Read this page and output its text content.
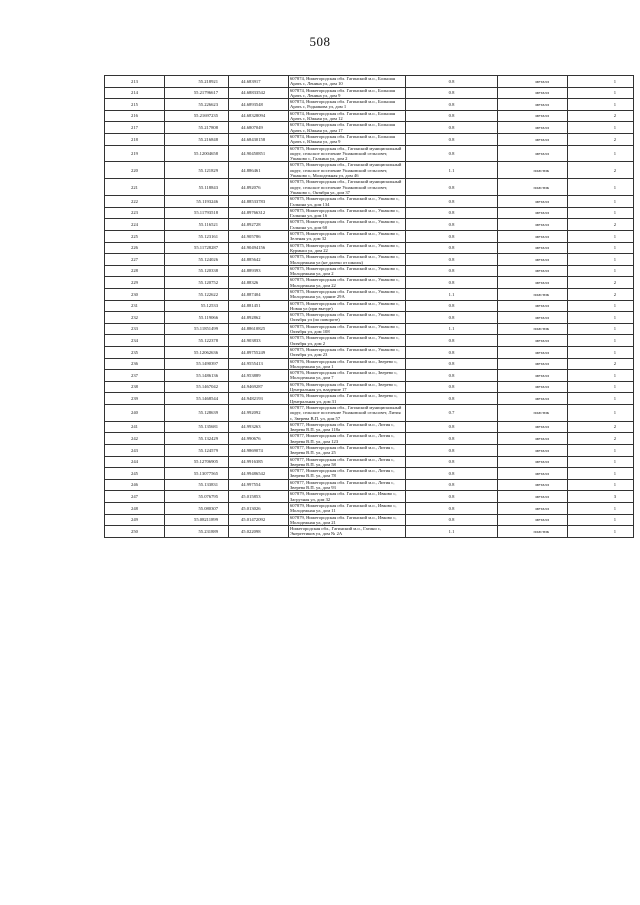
508
213	55.218921	44.683917	607874, Нижегородская обл. Гагинский м.о., Большая Арать с, Ленина ул, дом 10	0.8	металл	1
214	55.21796617	44.68833542	607874, Нижегородская обл. Гагинский м.о., Большая Арать с, Ленина ул, дом 9	0.8	металл	1
215	55.226623	44.6893548	607874, Нижегородская обл. Гагинский м.о., Большая Арать с, Родникова ул, дом 1	0.8	металл	1
216	55.21697235	44.68328094	607874, Нижегородская обл. Гагинский м.о., Большая Арать с, Южная ул, дом 12	0.8	металл	2
217	55.217808	44.6807049	607874, Нижегородская обл. Гагинский м.о., Большая Арать с, Южная ул, дом 17	0.8	металл	1
218	55.216848	44.68430158	607874, Нижегородская обл. Гагинский м.о., Большая Арать с, Южная ул, дом 9	0.8	металл	2
219	55.12004658	44.90450851	607875, Нижегородская обл., Гагинский муниципальный округ, сельское поселение Ушаковский сельсовет, Ушаково с, Галкина ул, дом 2	0.8	металл	1
220	55.121829	44.886461	607875, Нижегородская обл., Гагинский муниципальный округ, сельское поселение Ушаковский сельсовет, Ушаково с, Молодежная ул, дом 46	1.1	пластик	2
221	55.118843	44.892076	607875, Нижегородская обл., Гагинский муниципальный округ, сельское поселение Ушаковский сельсовет, Ушаково с, Октября ул, дом 37	0.8	пластик	1
222	55.1193246	44.88533783	607875, Нижегородская обл. Гагинский м.о., Ушаково с, Галкина ул, дом 134	0.8	металл	1
223	55.11793518	44.89766312	607875, Нижегородская обл. Гагинский м.о., Ушаково с, Галкина ул, дом 16	0.8	металл	1
224	55.116521	44.892728	607875, Нижегородская обл. Гагинский м.о., Ушаково с, Галкина ул, дом 60	0.8	металл	2
225	55.123161	44.905786	607875, Нижегородская обл. Гагинский м.о., Ушаково с, Зеленая ул, дом 32	0.8	металл	1
226	55.11728287	44.90494156	607875, Нижегородская обл. Гагинский м.о., Ушаково с, Курмыш ул, дом 22	0.8	металл	1
227	55.124026	44.885642	607875, Нижегородская обл. Гагинский м.о., Ушаково с, Молодежная ул (не далеко от школы)	0.8	металл	1
228	55.120338	44.889393	607875, Нижегородская обл. Гагинский м.о., Ушаково с, Молодежная ул, дом 2	0.8	металл	1
229	55.120752	44.88326	607875, Нижегородская обл. Гагинский м.о., Ушаково с, Молодежная ул, дом 22	0.8	металл	2
230	55.122622	44.887404	607875, Нижегородская обл. Гагинский м.о., Ушаково с, Молодежная ул, здание 29А	1.1	пластик	2
231	55.12533	44.881451	607875, Нижегородская обл. Гагинский м.о., Ушаково с, Новая ул (при въезде)	0.8	металл	1
232	55.119066	44.892862	607875, Нижегородская обл. Гагинский м.о., Ушаково с, Октября ул (по повороте)	0.8	металл	1
233	55.11851499	44.88610825	607875, Нижегородская обл. Гагинский м.о., Ушаково с, Октября ул, дом 108	1.1	пластик	1
234	55.122378	44.903833	607875, Нижегородская обл. Гагинский м.о., Ушаково с, Октября ул, дом 2	0.8	металл	1
235	55.12062636	44.89755249	607875, Нижегородская обл. Гагинский м.о., Ушаково с, Октября ул, дом 23	0.8	металл	1
236	55.1490397	44.9555413	607876, Нижегородская обл. Гагинский м.о., Зверево с, Молодежная ул, дом 1	0.8	металл	2
237	55.1486136	44.953889	607876, Нижегородская обл. Гагинский м.о., Зверево с, Молодежная ул, дом 7	0.8	металл	1
238	55.1467042	44.9469287	607876, Нижегородская обл. Гагинский м.о., Зверево с, Центральная ул, владение 17	0.8	металл	1
239	55.1468544	44.9482193	607876, Нижегородская обл. Гагинский м.о., Зверево с, Центральная ул, дом 31	0.8	металл	1
240	55.128639	44.992092	607877, Нижегородская обл., Гагинский муниципальный округ, сельское поселение Ушаковский сельсовет, Лития с, Зверева В.П. ул, дом 57	0.7	пластик	1
241	55.135681	44.993263	607877, Нижегородская обл. Гагинский м.о., Лития с, Зверева В.П. ул, дом 118а	0.8	металл	2
242	55.132429	44.990676	607877, Нижегородская обл. Гагинский м.о., Лития с, Зверева В.П. ул, дом 123	0.8	металл	2
243	55.124579	44.9869074	607877, Нижегородская обл. Гагинский м.о., Лития с, Зверева В.П. ул, дом 25	0.8	металл	1
244	55.12706905	44.9916385	607877, Нижегородская обл. Гагинский м.о., Лития с, Зверева В.П. ул, дом 58	0.8	металл	1
245	55.13077565	44.99486542	607877, Нижегородская обл. Гагинский м.о., Лития с, Зверева В.П. ул, дом 78	0.8	металл	1
246	55.133831	44.997554	607877, Нижегородская обл. Гагинский м.о., Лития с, Зверева В.П. ул, дом 93	0.8	металл	1
247	55.076795	45.015853	607879, Нижегородская обл. Гагинский м.о., Ивково с, Загрузная ул, дом 32	0.8	металл	3
248	55.080307	45.013026	607879, Нижегородская обл. Гагинский м.о., Ивково с, Молодежная ул, дом 11	0.8	металл	1
249	55.08211899	45.01472092	607879, Нижегородская обл. Гагинский м.о., Ивково с, Молодежная ул, дом 21	0.8	металл	1
250	55.231889	45.022098	Нижегородская обл., Гагинский м.о., Гагино с, Энергетиков ул, дом № 2А	1.1	пластик	1
